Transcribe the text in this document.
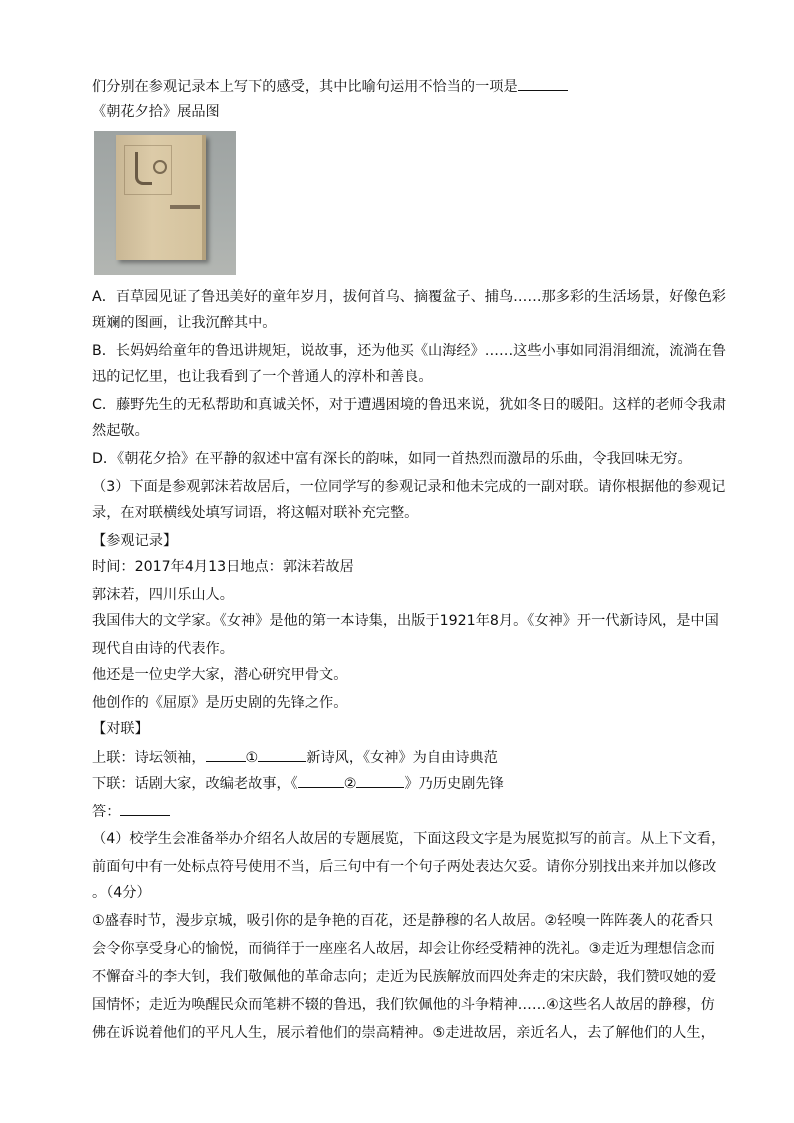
们分别在参观记录本上写下的感受，其中比喻句运用不恰当的一项是
《朝花夕拾》展品图
A．百草园见证了鲁迅美好的童年岁月，拔何首乌、摘覆盆子、捕鸟……那多彩的生活场景，好像色彩
斑斓的图画，让我沉醉其中。
B．长妈妈给童年的鲁迅讲规矩，说故事，还为他买《山海经》……这些小事如同涓涓细流，流淌在鲁
迅的记忆里，也让我看到了一个普通人的淳朴和善良。
C．藤野先生的无私帮助和真诚关怀，对于遭遇困境的鲁迅来说，犹如冬日的暖阳。这样的老师令我肃
然起敬。
D．《朝花夕拾》在平静的叙述中富有深长的韵味，如同一首热烈而激昂的乐曲，令我回味无穷。
（3）下面是参观郭沫若故居后，一位同学写的参观记录和他未完成的一副对联。请你根据他的参观记
录，在对联横线处填写词语，将这幅对联补充完整。
【参观记录】
时间：2017年4月13日地点：郭沫若故居
郭沫若，四川乐山人。
我国伟大的文学家。《女神》是他的第一本诗集，出版于1921年8月。《女神》开一代新诗风，是中国
现代自由诗的代表作。
他还是一位史学大家，潜心研究甲骨文。
他创作的《屈原》是历史剧的先锋之作。
【对联】
上联：诗坛领袖，	①	新诗风，《女神》为自由诗典范
下联：话剧大家，改编老故事，《	②	》乃历史剧先锋
答：
（4）校学生会准备举办介绍名人故居的专题展览，下面这段文字是为展览拟写的前言。从上下文看，
前面句中有一处标点符号使用不当，后三句中有一个句子两处表达欠妥。请你分别找出来并加以修改
。（4分）
①盛春时节，漫步京城，吸引你的是争艳的百花，还是静穆的名人故居。②轻嗅一阵阵袭人的花香只
会令你享受身心的愉悦，而徜徉于一座座名人故居，却会让你经受精神的洗礼。③走近为理想信念而
不懈奋斗的李大钊，我们敬佩他的革命志向；走近为民族解放而四处奔走的宋庆龄，我们赞叹她的爱
国情怀；走近为唤醒民众而笔耕不辍的鲁迅，我们钦佩他的斗争精神……④这些名人故居的静穆，仿
佛在诉说着他们的平凡人生，展示着他们的崇高精神。⑤走进故居，亲近名人，去了解他们的人生，
